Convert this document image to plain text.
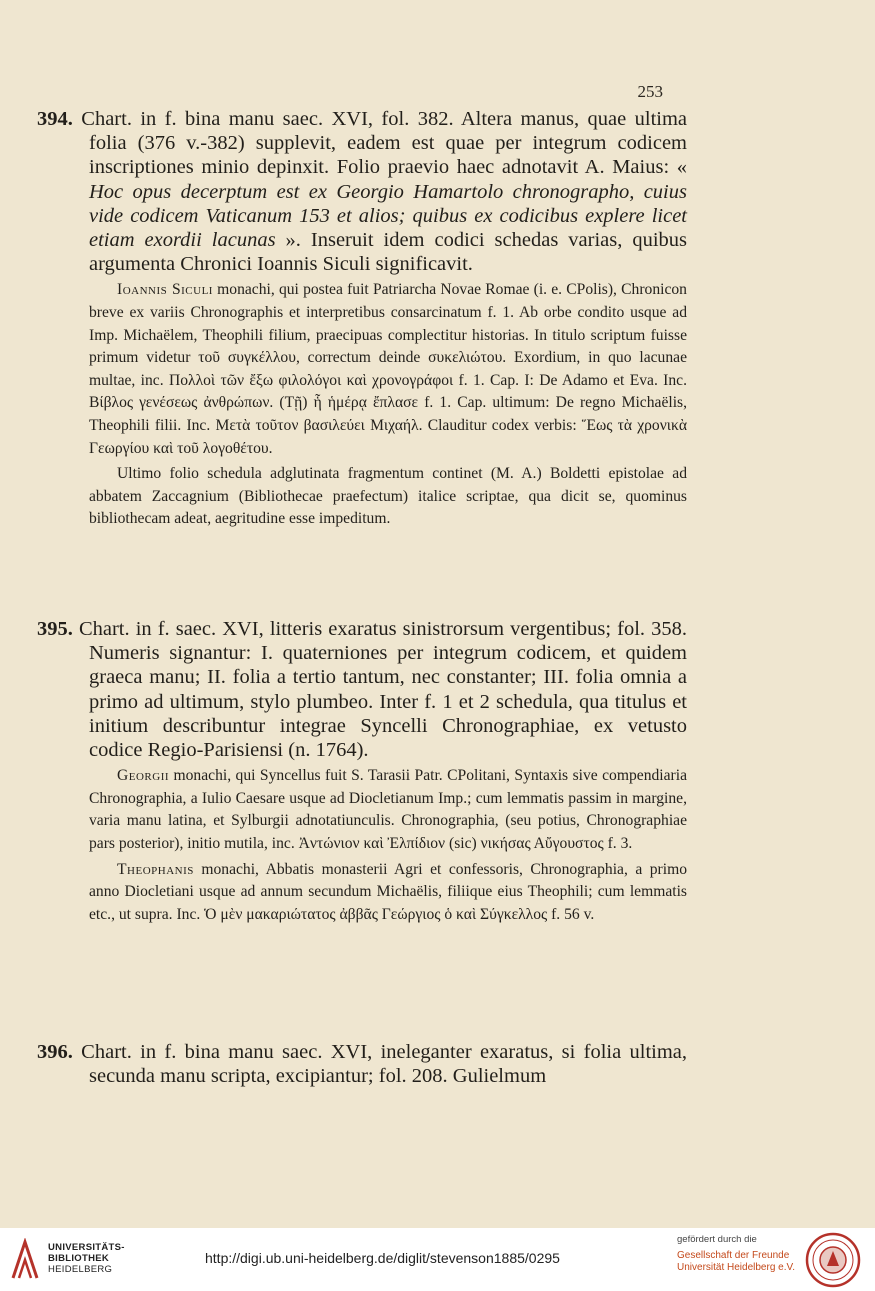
253
394. Chart. in f. bina manu saec. XVI, fol. 382. Altera manus, quae ultima folia (376 v.-382) supplevit, eadem est quae per integrum codicem inscriptiones minio depinxit. Folio praevio haec adnotavit A. Maius: « Hoc opus decerptum est ex Georgio Hamartolo chronographo, cuius vide codicem Vaticanum 153 et alios; quibus ex codicibus explere licet etiam exordii lacunas ». Inseruit idem codici schedas varias, quibus argumenta Chronici Ioannis Siculi significavit.
Ioannis Siculi monachi, qui postea fuit Patriarcha Novae Romae (i. e. CPolis), Chronicon breve ex variis Chronographis et interpretibus consarcinatum f. 1. Ab orbe condito usque ad Imp. Michaëlem, Theophili filium, praecipuas complectitur historias. In titulo scriptum fuisse primum videtur τοῦ συγκέλλου, correctum deinde συκελιώτου. Exordium, in quo lacunae multae, inc. Πολλοὶ τῶν ἔξω φιλολόγοι καὶ χρονογράφοι f. 1. Cap. I: De Adamo et Eva. Inc. Βίβλος γενέσεως ἀνθρώπων. (Τῇ) ἧ ἡμέρᾳ ἔπλασε f. 1. Cap. ultimum: De regno Michaëlis, Theophili filii. Inc. Μετὰ τοῦτον βασιλεύει Μιχαήλ. Clauditur codex verbis: Ἕως τὰ χρονικὰ Γεωργίου καὶ τοῦ λογοθέτου.
Ultimo folio schedula adglutinata fragmentum continet (M. A.) Boldetti epistolae ad abbatem Zaccagnium (Bibliothecae praefectum) italice scriptae, qua dicit se, quominus bibliothecam adeat, aegritudine esse impeditum.
395. Chart. in f. saec. XVI, litteris exaratus sinistrorsum vergentibus; fol. 358. Numeris signantur: I. quaterniones per integrum codicem, et quidem graeca manu; II. folia a tertio tantum, nec constanter; III. folia omnia a primo ad ultimum, stylo plumbeo. Inter f. 1 et 2 schedula, qua titulus et initium describuntur integrae Syncelli Chronographiae, ex vetusto codice Regio-Parisiensi (n. 1764).
Georgii monachi, qui Syncellus fuit S. Tarasii Patr. CPolitani, Syntaxis sive compendiaria Chronographia, a Iulio Caesare usque ad Diocletianum Imp.; cum lemmatis passim in margine, varia manu latina, et Sylburgii adnotatiunculis. Chronographia, (seu potius, Chronographiae pars posterior), initio mutila, inc. Ἀντώνιον καὶ Ἐλπίδιον (sic) νικήσας Αὔγουστος f. 3.
Theophanis monachi, Abbatis monasterii Agri et confessoris, Chronographia, a primo anno Diocletiani usque ad annum secundum Michaëlis, filiique eius Theophili; cum lemmatis etc., ut supra. Inc. Ὁ μὲν μακαριώτατος ἀββᾶς Γεώργιος ὁ καὶ Σύγκελλος f. 56 v.
396. Chart. in f. bina manu saec. XVI, ineleganter exaratus, si folia ultima, secunda manu scripta, excipiantur; fol. 208. Gulielmum
UNIVERSITÄTS-
BIBLIOTHEK
HEIDELBERG
http://digi.ub.uni-heidelberg.de/diglit/stevenson1885/0295
gefördert durch die
Gesellschaft der Freunde
Universität Heidelberg e.V.
